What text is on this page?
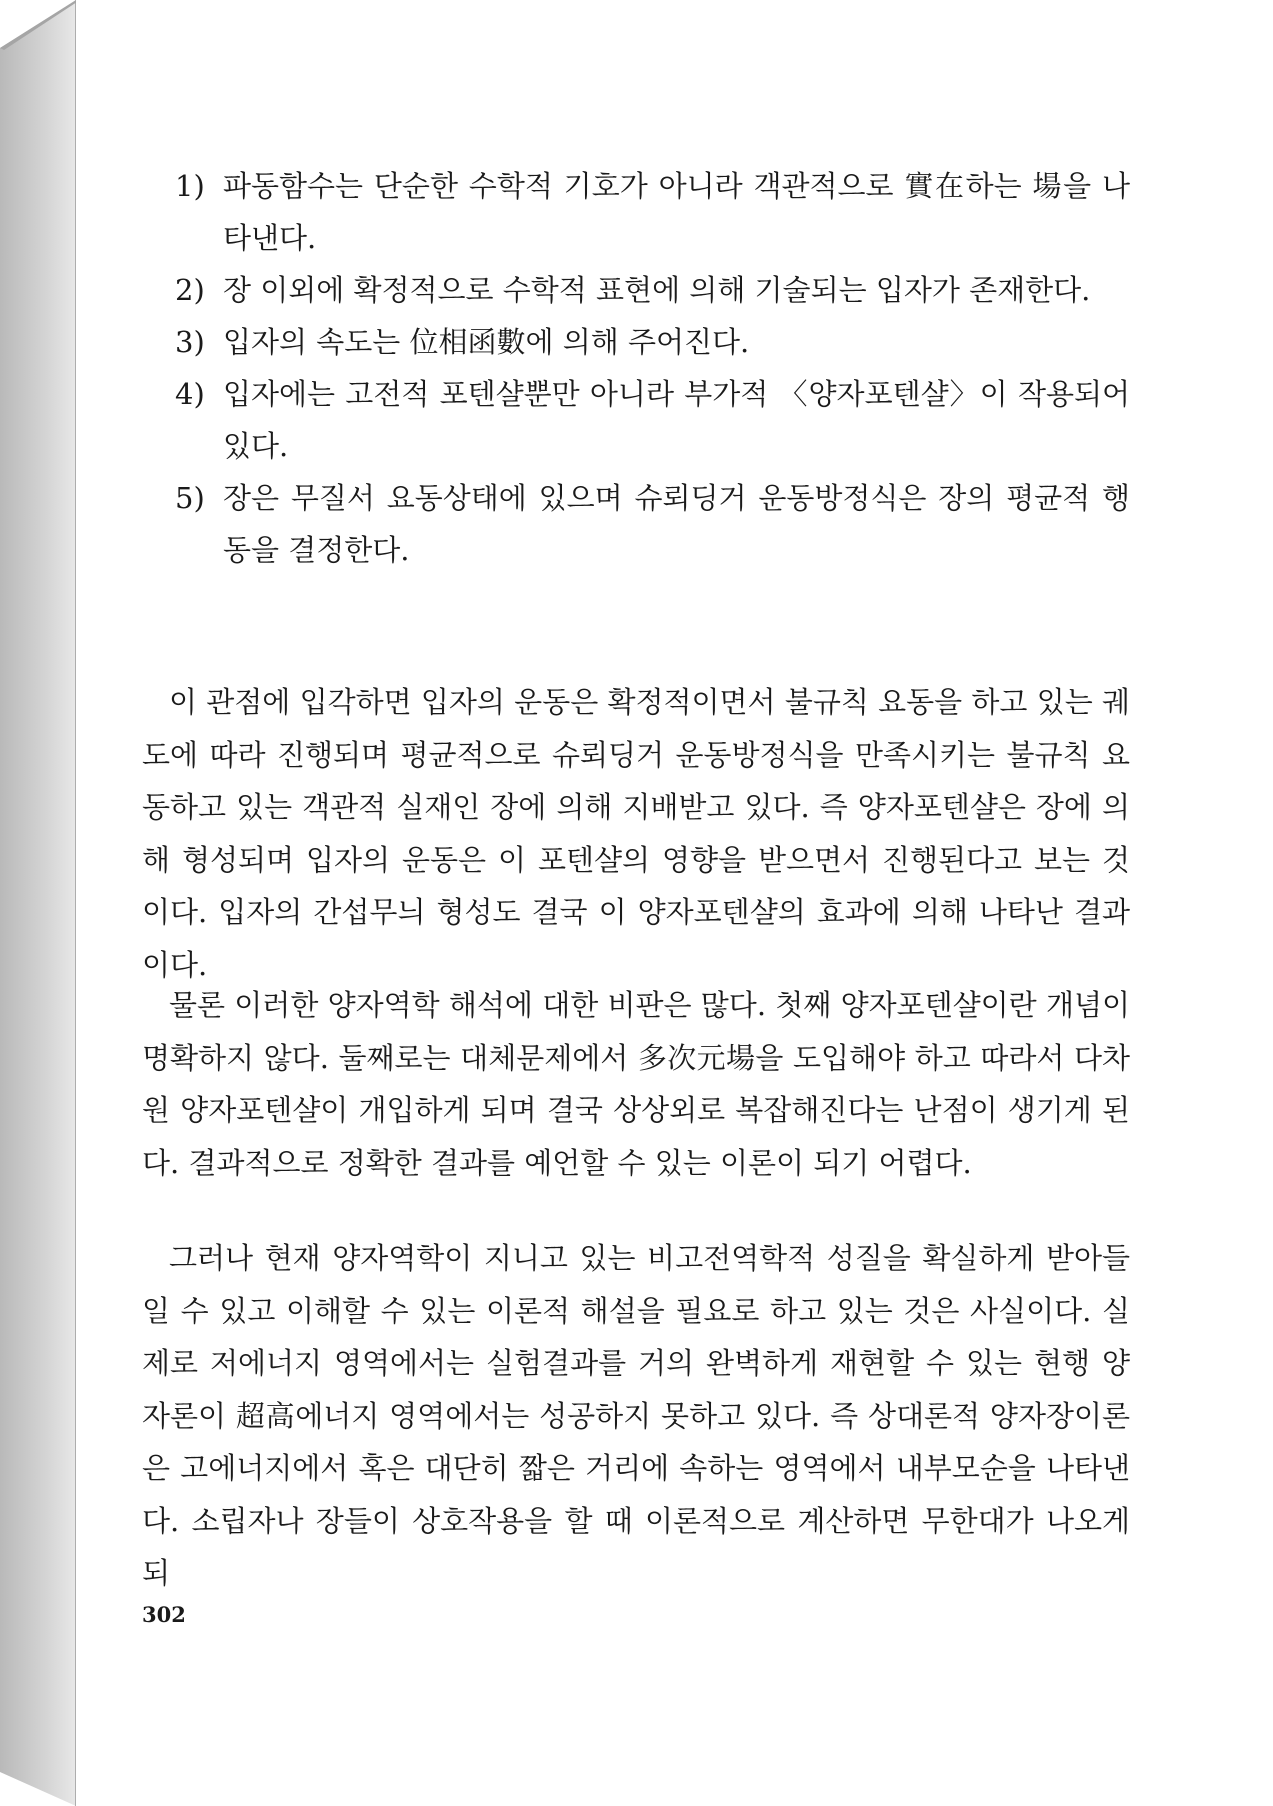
1) 파동함수는 단순한 수학적 기호가 아니라 객관적으로 實在하는 場을 나타낸다.
2) 장 이외에 확정적으로 수학적 표현에 의해 기술되는 입자가 존재한다.
3) 입자의 속도는 位相函數에 의해 주어진다.
4) 입자에는 고전적 포텐샬뿐만 아니라 부가적 〈양자포텐샬〉이 작용되어 있다.
5) 장은 무질서 요동상태에 있으며 슈뢰딩거 운동방정식은 장의 평균적 행동을 결정한다.

이 관점에 입각하면 입자의 운동은 확정적이면서 불규칙 요동을 하고 있는 궤도에 따라 진행되며 평균적으로 슈뢰딩거 운동방정식을 만족시키는 불규칙 요동하고 있는 객관적 실재인 장에 의해 지배받고 있다. 즉 양자포텐샬은 장에 의해 형성되며 입자의 운동은 이 포텐샬의 영향을 받으면서 진행된다고 보는 것이다. 입자의 간섭무늬 형성도 결국 이 양자포텐샬의 효과에 의해 나타난 결과이다.

물론 이러한 양자역학 해석에 대한 비판은 많다. 첫째 양자포텐샬이란 개념이 명확하지 않다. 둘째로는 대체문제에서 多次元場을 도입해야 하고 따라서 다차원 양자포텐샬이 개입하게 되며 결국 상상외로 복잡해진다는 난점이 생기게 된다. 결과적으로 정확한 결과를 예언할 수 있는 이론이 되기 어렵다.

그러나 현재 양자역학이 지니고 있는 비고전역학적 성질을 확실하게 받아들일 수 있고 이해할 수 있는 이론적 해설을 필요로 하고 있는 것은 사실이다. 실제로 저에너지 영역에서는 실험결과를 거의 완벽하게 재현할 수 있는 현행 양자론이 超高에너지 영역에서는 성공하지 못하고 있다. 즉 상대론적 양자장이론은 고에너지에서 혹은 대단히 짧은 거리에 속하는 영역에서 내부모순을 나타낸다. 소립자나 장들이 상호작용을 할 때 이론적으로 계산하면 무한대가 나오게 되

302
